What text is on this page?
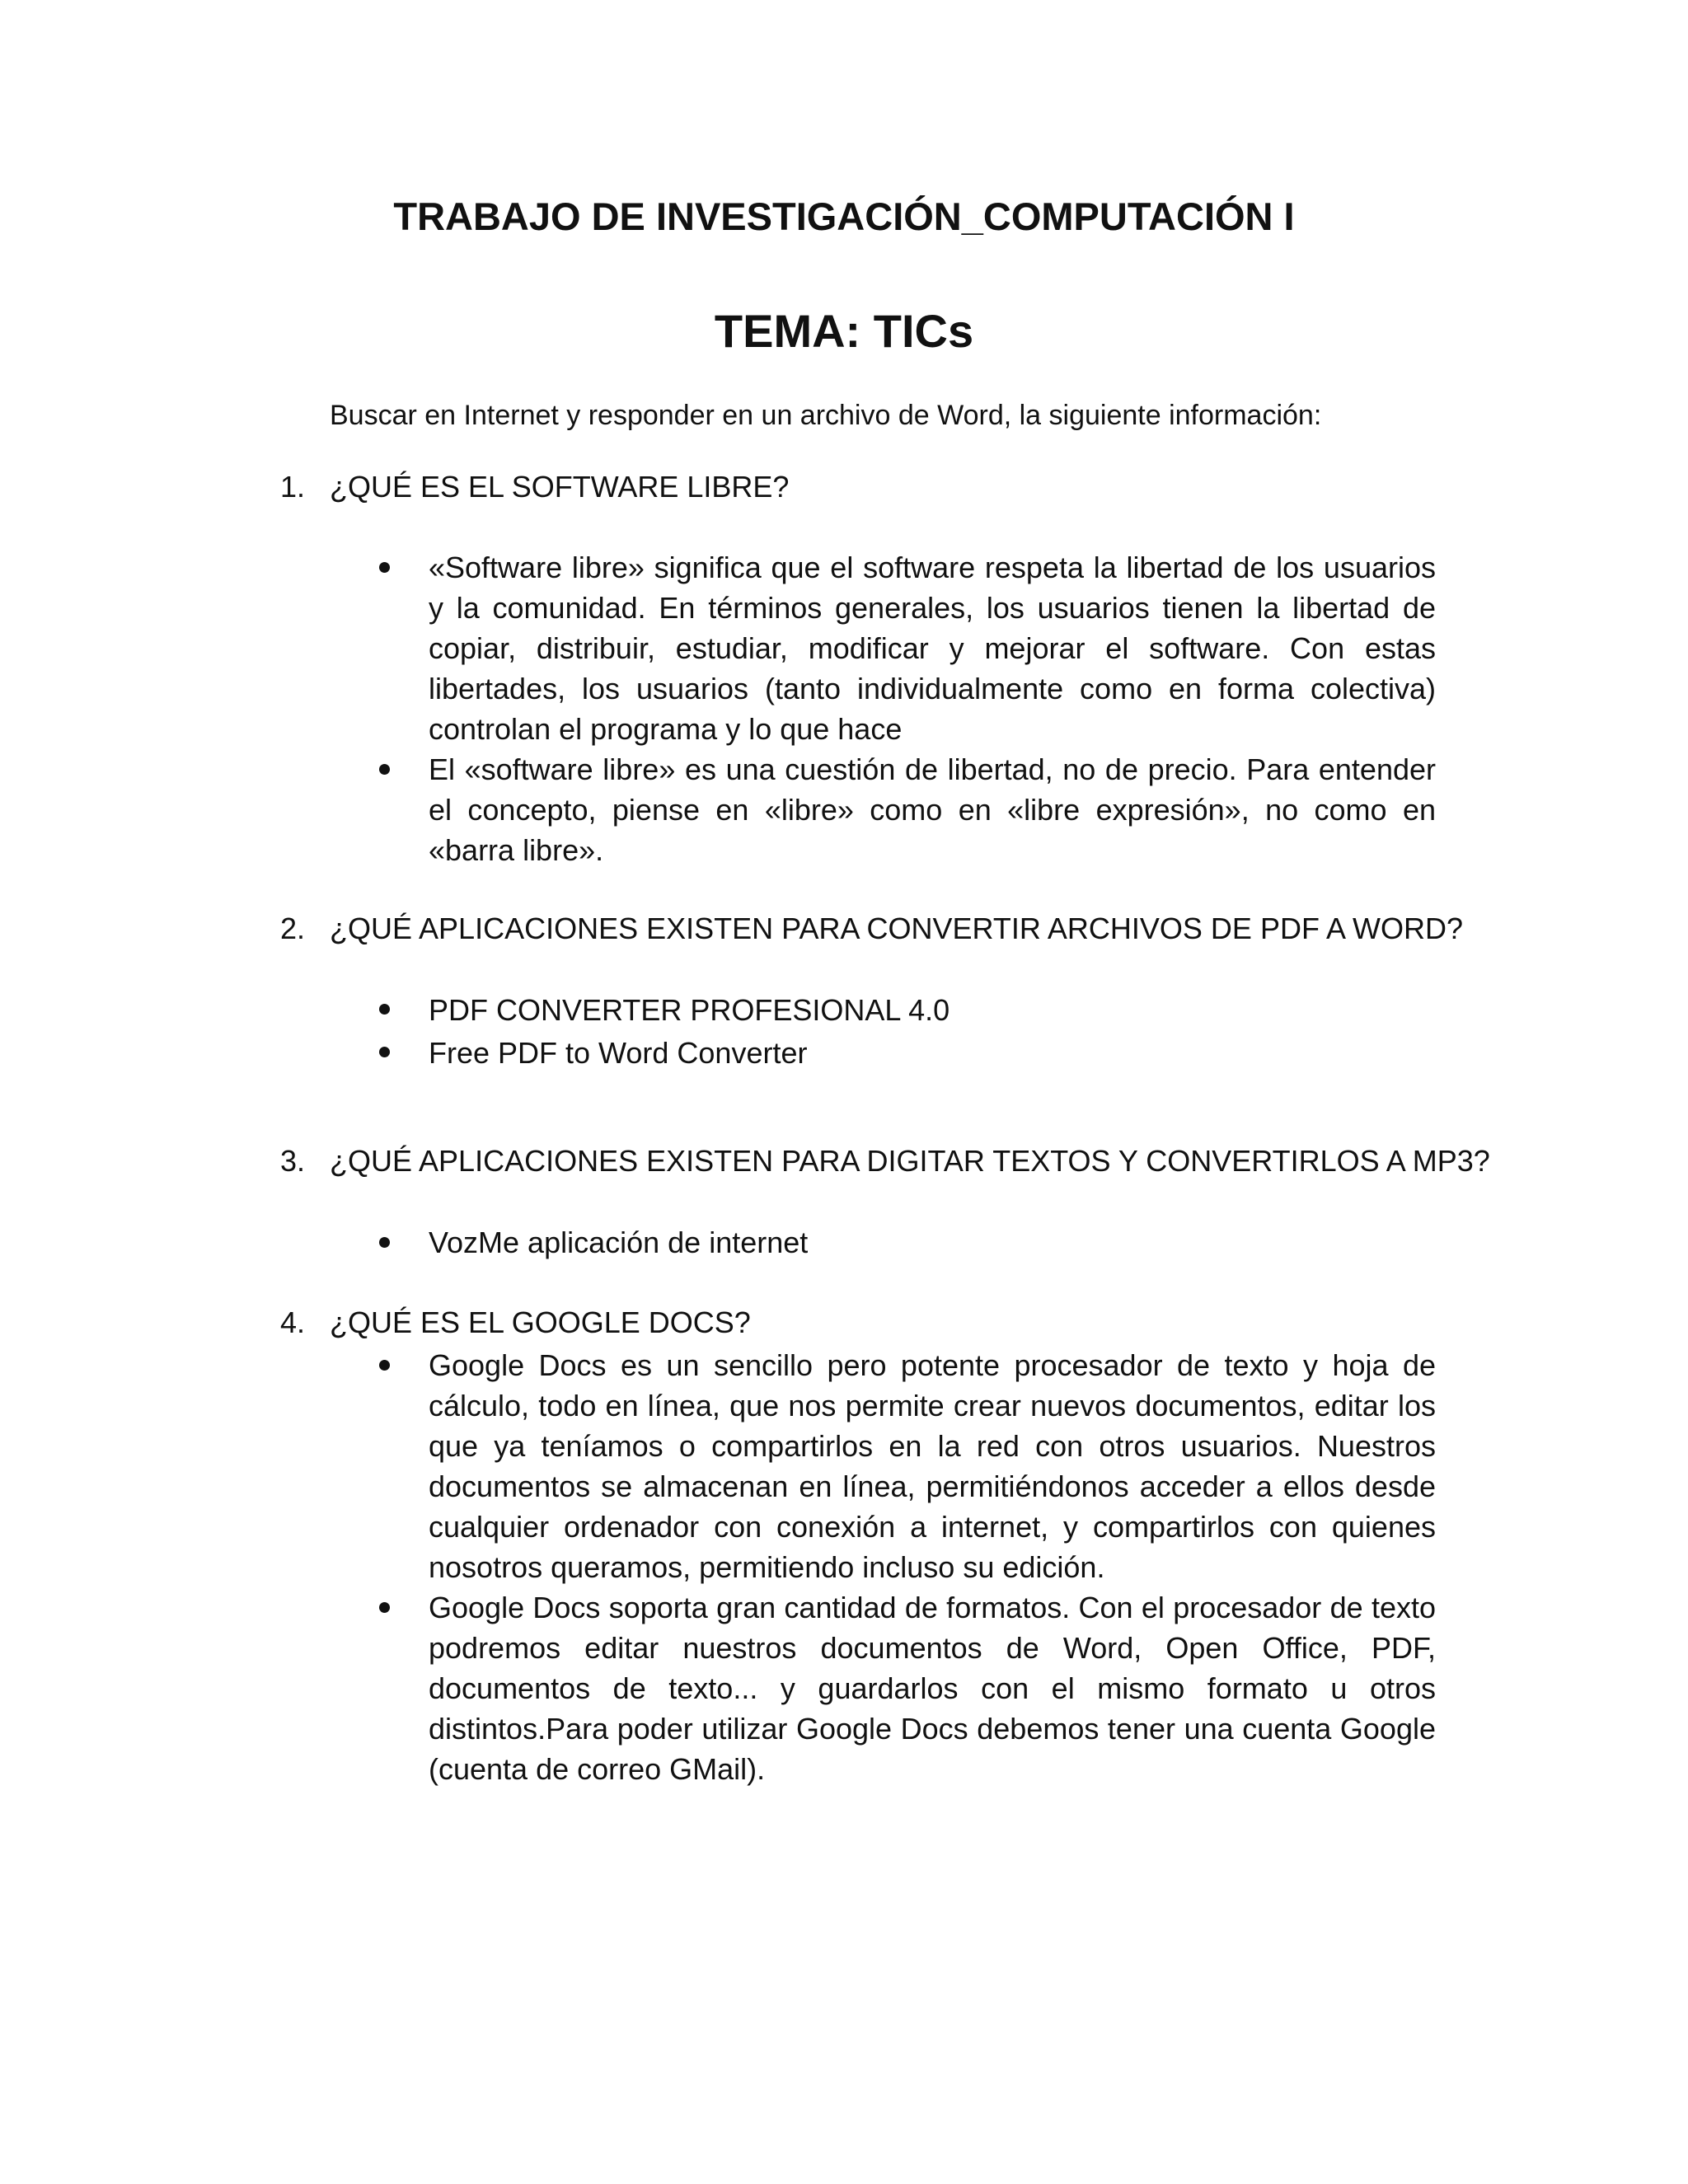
TRABAJO DE INVESTIGACIÓN_COMPUTACIÓN I
TEMA: TICs
Buscar en Internet y responder en un archivo de Word, la siguiente información:
1. ¿QUÉ ES EL SOFTWARE LIBRE?
«Software libre» significa que el software respeta la libertad de los usuarios y la comunidad. En términos generales, los usuarios tienen la libertad de copiar, distribuir, estudiar, modificar y mejorar el software. Con estas libertades, los usuarios (tanto individualmente como en forma colectiva) controlan el programa y lo que hace
El «software libre» es una cuestión de libertad, no de precio. Para entender el concepto, piense en «libre» como en «libre expresión», no como en «barra libre».
2. ¿QUÉ APLICACIONES EXISTEN PARA CONVERTIR ARCHIVOS DE PDF A WORD?
PDF CONVERTER PROFESIONAL 4.0
Free PDF to Word Converter
3. ¿QUÉ APLICACIONES EXISTEN PARA DIGITAR TEXTOS Y CONVERTIRLOS A MP3?
VozMe aplicación de internet
4. ¿QUÉ ES EL GOOGLE DOCS?
Google Docs es un sencillo pero potente procesador de texto y hoja de cálculo, todo en línea, que nos permite crear nuevos documentos, editar los que ya teníamos o compartirlos en la red con otros usuarios. Nuestros documentos se almacenan en línea, permitiéndonos acceder a ellos desde cualquier ordenador con conexión a internet, y compartirlos con quienes nosotros queramos, permitiendo incluso su edición.
Google Docs soporta gran cantidad de formatos. Con el procesador de texto podremos editar nuestros documentos de Word, Open Office, PDF, documentos de texto... y guardarlos con el mismo formato u otros distintos.Para poder utilizar Google Docs debemos tener una cuenta Google (cuenta de correo GMail).
